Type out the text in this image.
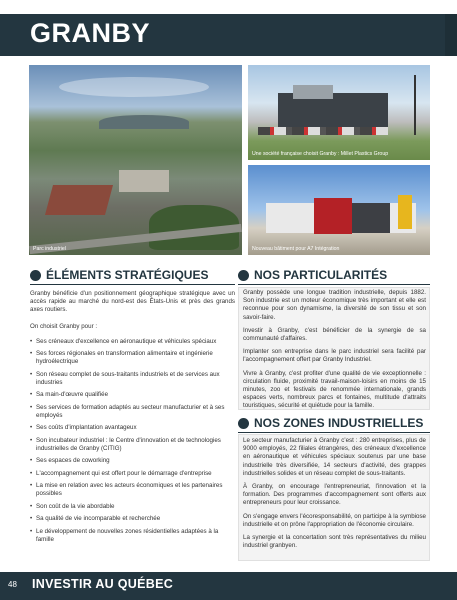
GRANBY
Parc industriel
Une société française choisit Granby : Millet Plastics Group
Nouveau bâtiment pour A7 Intégration
ÉLÉMENTS STRATÉGIQUES

Granby bénéficie d'un positionnement géographique stratégique avec un accès rapide au marché du nord-est des États-Unis et près des grands axes routiers.

On choisit Granby pour :

• Ses créneaux d'excellence en aéronautique et véhicules spéciaux
• Ses forces régionales en transformation alimentaire et ingénierie hydroélectrique
• Son réseau complet de sous-traitants industriels et de services aux industries
• Sa main-d'œuvre qualifiée
• Ses services de formation adaptés au secteur manufacturier et à ses employés
• Ses coûts d'implantation avantageux
• Son incubateur industriel : le Centre d'innovation et de technologies industrielles de Granby (CITIG)
• Ses espaces de coworking
• L'accompagnement qui est offert pour le démarrage d'entreprise
• La mise en relation avec les acteurs économiques et les partenaires possibles
• Son coût de la vie abordable
• Sa qualité de vie incomparable et recherchée
• Le développement de nouvelles zones résidentielles adaptées à la famille
NOS PARTICULARITÉS

Granby possède une longue tradition industrielle, depuis 1882. Son industrie est un moteur économique très important et elle est reconnue pour son dynamisme, la diversité de son tissu et son savoir-faire.

Investir à Granby, c'est bénéficier de la synergie de sa communauté d'affaires.

Implanter son entreprise dans le parc industriel sera facilité par l'accompagnement offert par Granby Industriel.

Vivre à Granby, c'est profiter d'une qualité de vie exceptionnelle : circulation fluide, proximité travail-maison-loisirs en moins de 15 minutes, zoo et festivals de renommée internationale, grands espaces verts, nombreux parcs et fontaines, multitude d'attraits touristiques, sécurité et quiétude pour la famille.

NOS ZONES INDUSTRIELLES

Le secteur manufacturier à Granby c'est : 280 entreprises, plus de 9000 employés, 22 filiales étrangères, des créneaux d'excellence en aéronautique et véhicules spéciaux soutenus par une base industrielle très diversifiée, 14 secteurs d'activité, des grappes industrielles solides et un réseau complet de sous-traitants.

À Granby, on encourage l'entrepreneuriat, l'innovation et la formation. Des programmes d'accompagnement sont offerts aux entrepreneurs pour leur croissance.

On s'engage envers l'écoresponsabilité, on participe à la symbiose industrielle et on prône l'appropriation de l'économie circulaire.

La synergie et la concertation sont très représentatives du milieu industriel granbyen.

48 INVESTIR AU QUÉBEC
